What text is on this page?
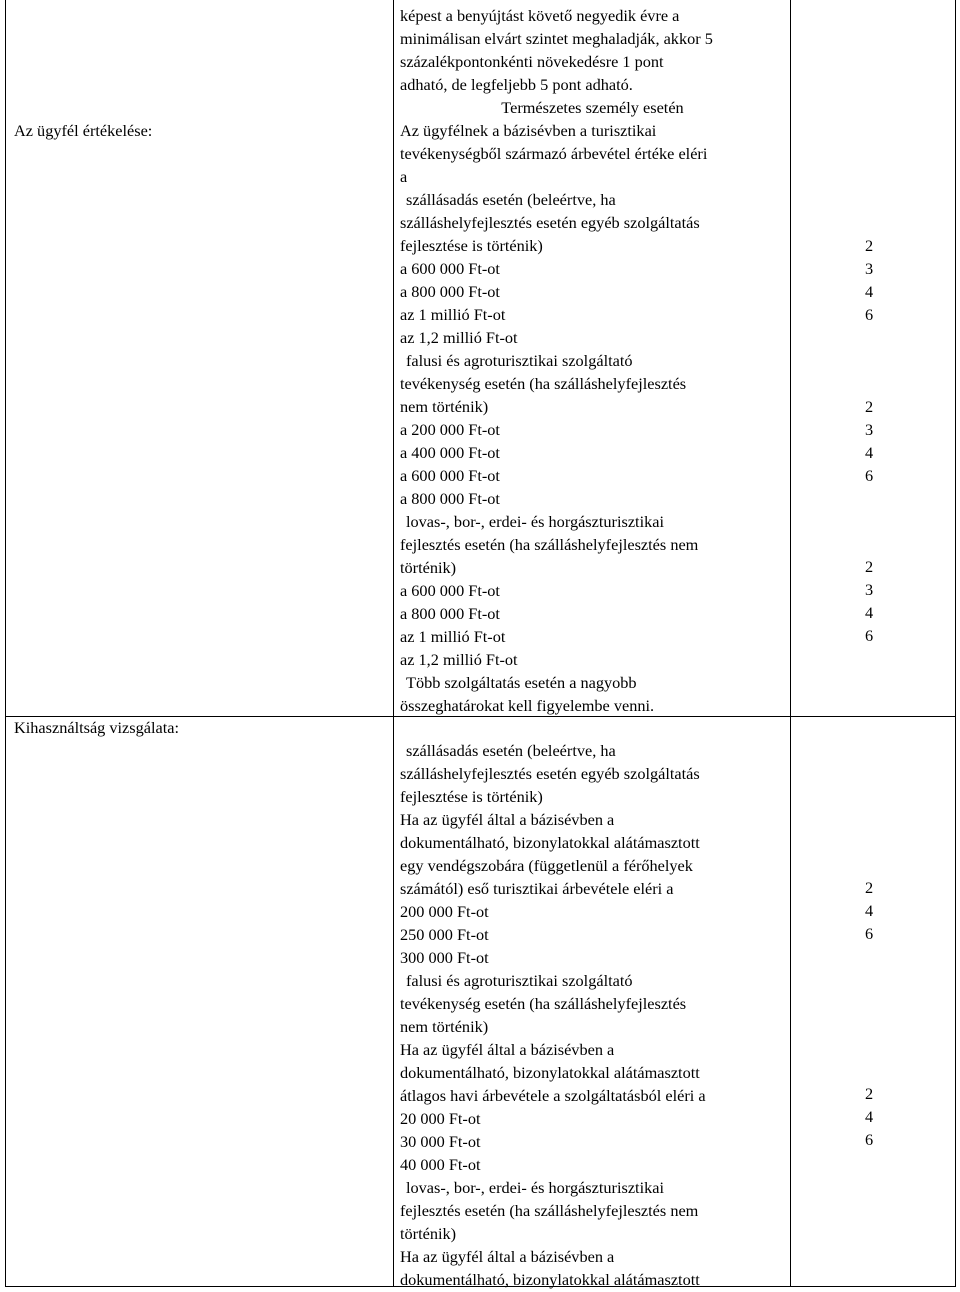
Az ügyfél értékelése:
Kihasználtság vizsgálata:
képest a benyújtást követő negyedik évre a
minimálisan elvárt szintet meghaladják, akkor 5
százalékpontonkénti növekedésre 1 pont
adható, de legfeljebb 5 pont adható.
Természetes személy esetén
Az ügyfélnek a bázisévben a turisztikai
tevékenységből származó árbevétel értéke eléri
a
szállásadás esetén (beleértve, ha
szálláshelyfejlesztés esetén egyéb szolgáltatás
fejlesztése is történik)
a 600 000 Ft-ot
a 800 000 Ft-ot
az 1 millió Ft-ot
az 1,2 millió Ft-ot
falusi és agroturisztikai szolgáltató
tevékenység esetén (ha szálláshelyfejlesztés
nem történik)
a 200 000 Ft-ot
a 400 000 Ft-ot
a 600 000 Ft-ot
a 800 000 Ft-ot
lovas-, bor-, erdei- és horgászturisztikai
fejlesztés esetén (ha szálláshelyfejlesztés nem
történik)
a 600 000 Ft-ot
a 800 000 Ft-ot
az 1 millió Ft-ot
az 1,2 millió Ft-ot
Több szolgáltatás esetén a nagyobb
összeghatárokat kell figyelembe venni.
2
3
4
6
2
3
4
6
2
3
4
6
szállásadás esetén (beleértve, ha
szálláshelyfejlesztés esetén egyéb szolgáltatás
fejlesztése is történik)
Ha az ügyfél által a bázisévben a
dokumentálható, bizonylatokkal alátámasztott
egy vendégszobára (függetlenül a férőhelyek
számától) eső turisztikai árbevétele eléri a
200 000 Ft-ot
250 000 Ft-ot
300 000 Ft-ot
falusi és agroturisztikai szolgáltató
tevékenység esetén (ha szálláshelyfejlesztés
nem történik)
Ha az ügyfél által a bázisévben a
dokumentálható, bizonylatokkal alátámasztott
átlagos havi árbevétele a szolgáltatásból eléri a
20 000 Ft-ot
30 000 Ft-ot
40 000 Ft-ot
lovas-, bor-, erdei- és horgászturisztikai
fejlesztés esetén (ha szálláshelyfejlesztés nem
történik)
Ha az ügyfél által a bázisévben a
dokumentálható, bizonylatokkal alátámasztott
2
4
6
2
4
6
